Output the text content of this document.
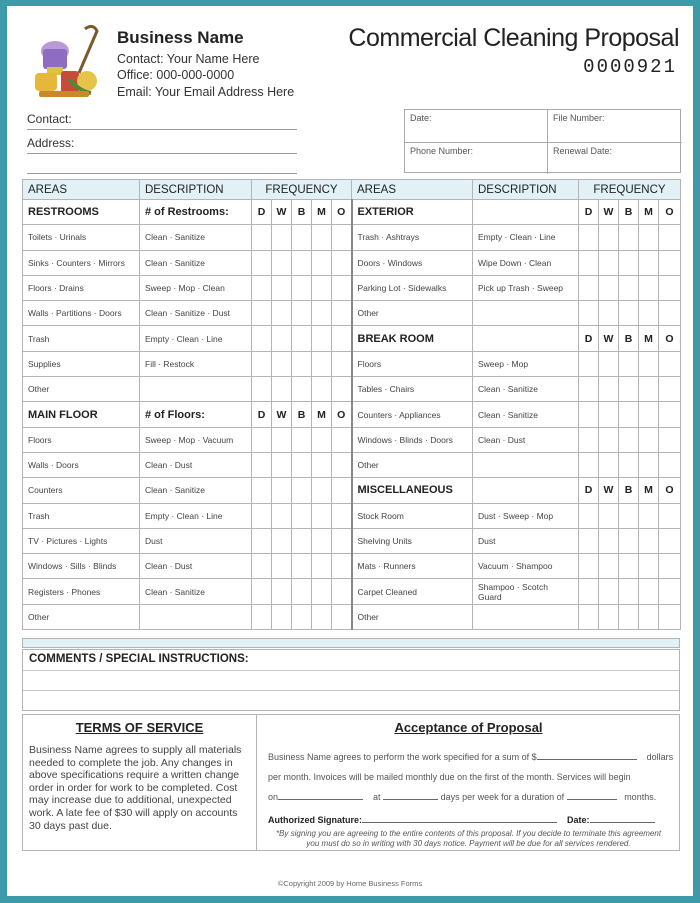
Business Name
Contact: Your Name Here
Office: 000-000-0000
Email: Your Email Address Here
Commercial Cleaning Proposal
0000921
Contact:
Address:
Date:	File Number:
Phone Number:	Renewal Date:
AREAS	DESCRIPTION	FREQUENCY					AREAS	DESCRIPTION	FREQUENCY				
RESTROOMS	# of Restrooms:	D	W	B	M	O	EXTERIOR		D	W	B	M	O
Toilets · Urinals	Clean · Sanitize						Trash · Ashtrays	Empty · Clean · Line					
Sinks · Counters · Mirrors	Clean · Sanitize						Doors · Windows	Wipe Down · Clean					
Floors · Drains	Sweep · Mop · Clean						Parking Lot · Sidewalks	Pick up Trash · Sweep					
Walls · Partitions · Doors	Clean · Sanitize · Dust						Other						
Trash	Empty · Clean · Line						BREAK ROOM		D	W	B	M	O
Supplies	Fill · Restock						Floors	Sweep · Mop					
Other							Tables · Chairs	Clean · Sanitize					
MAIN FLOOR	# of Floors:	D	W	B	M	O	Counters · Appliances	Clean · Sanitize					
Floors	Sweep · Mop · Vacuum						Windows · Blinds · Doors	Clean · Dust					
Walls · Doors	Clean · Dust						Other						
Counters	Clean · Sanitize						MISCELLANEOUS		D	W	B	M	O
Trash	Empty · Clean · Line						Stock Room	Dust · Sweep · Mop					
TV · Pictures · Lights	Dust						Shelving Units	Dust					
Windows · Sills · Blinds	Clean · Dust						Mats · Runners	Vacuum · Shampoo					
Registers · Phones	Clean · Sanitize						Carpet Cleaned	Shampoo · Scotch Guard					
Other							Other						
COMMENTS / SPECIAL INSTRUCTIONS:
TERMS OF SERVICE
Business Name agrees to supply all materials needed to complete the job. Any changes in above specifications require a written change order in order for work to be completed. Cost may increase due to additional, unexpected work. A late fee of $30 will apply on accounts 30 days past due.
Acceptance of Proposal
Business Name agrees to perform the work specified for a sum of $	dollars
per month. Invoices will be mailed monthly due on the first of the month. Services will begin
on	at	days per week for a duration of	months.
Authorized Signature:	Date:
*By signing you are agreeing to the entire contents of this proposal. If you decide to terminate this agreement
you must do so in writing with 30 days notice. Payment will be due for all services rendered.
©Copyright 2009 by Home Business Forms
